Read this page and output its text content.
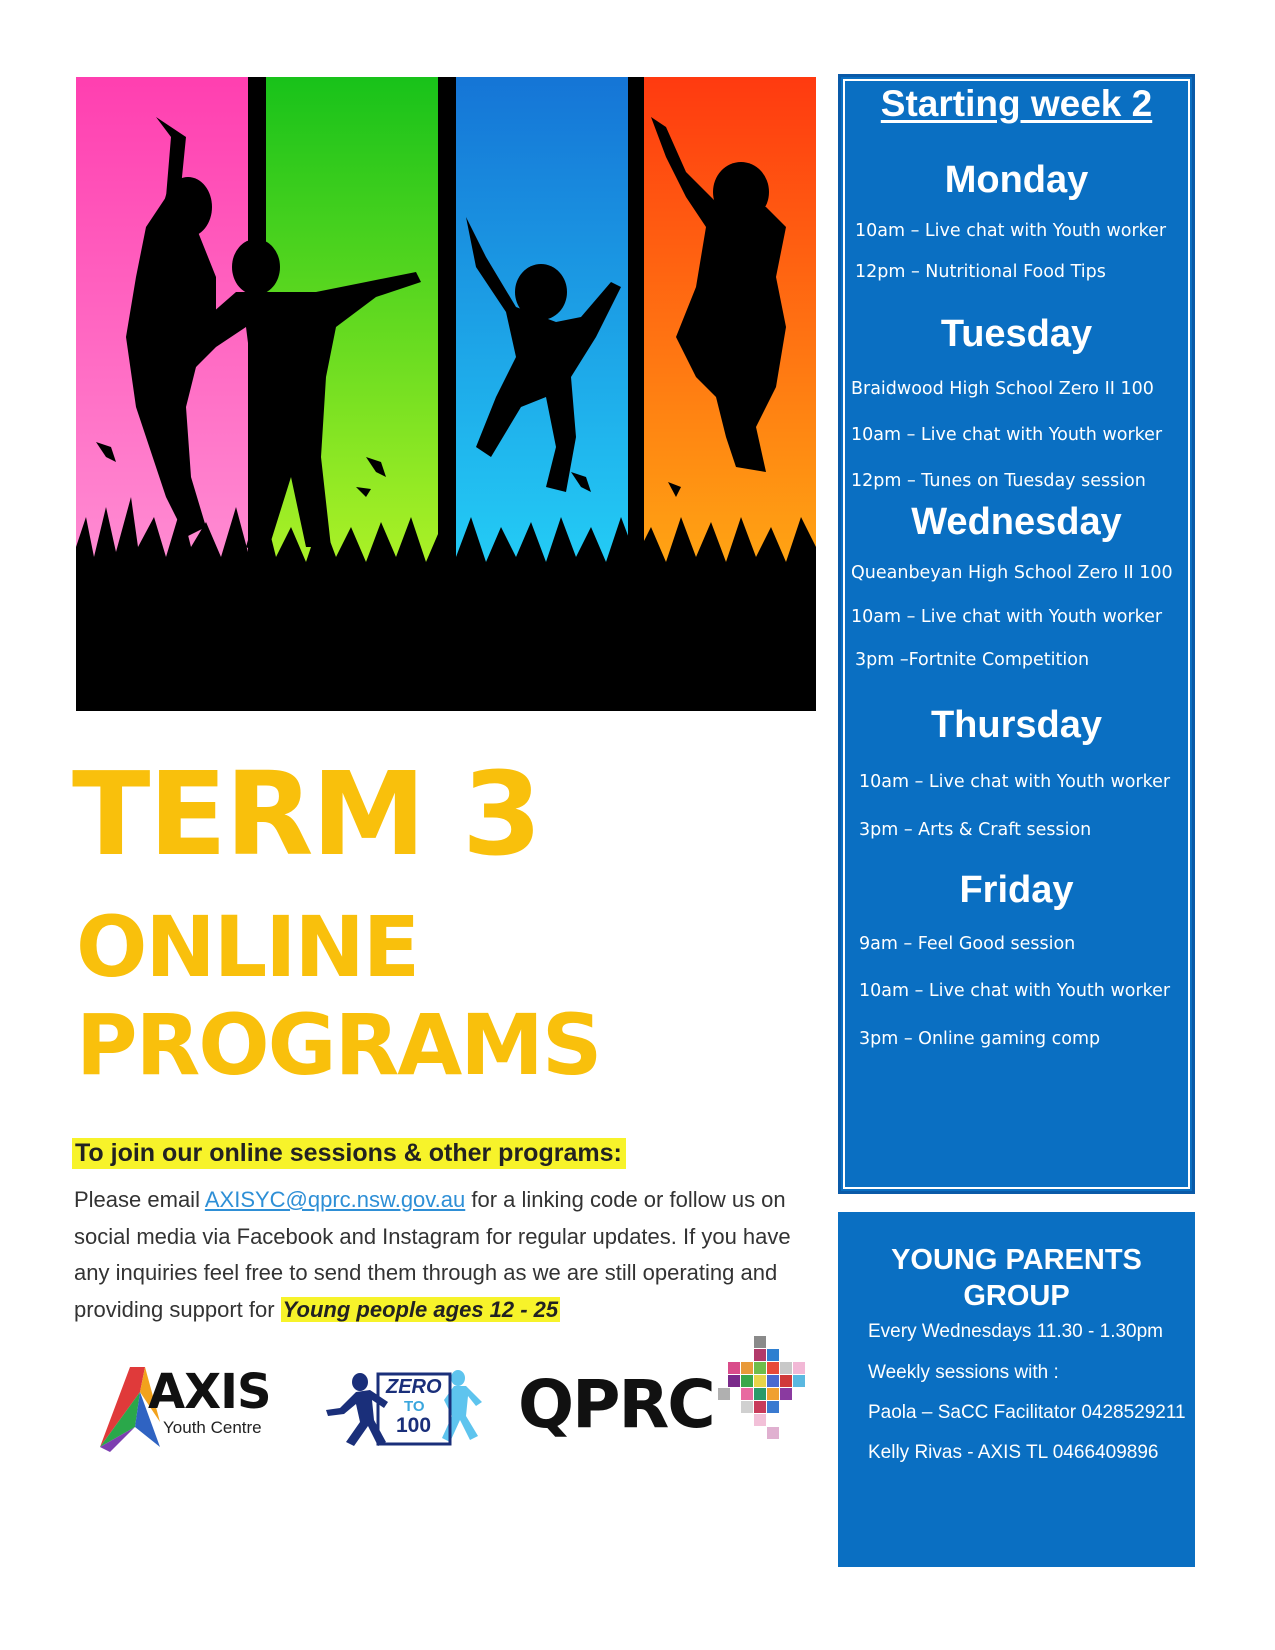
Starting week 2
Monday
10am – Live chat with Youth worker
12pm – Nutritional Food Tips
Tuesday
Braidwood High School Zero II 100
10am – Live chat with Youth worker
12pm – Tunes on Tuesday session
Wednesday
Queanbeyan High School Zero II 100
10am – Live chat with Youth worker
3pm –Fortnite Competition
Thursday
10am – Live chat with Youth worker
3pm – Arts & Craft session
Friday
9am – Feel Good session
10am – Live chat with Youth worker
3pm – Online gaming comp
TERM 3
ONLINE
PROGRAMS
To join our online sessions & other programs:
Please email AXISYC@qprc.nsw.gov.au for a linking code or follow us on social media via Facebook and Instagram for regular updates. If you have any inquiries feel free to send them through as we are still operating and providing support for Young people ages 12 - 25
AXIS
Youth Centre
ZERO
TO
100 QPRC
YOUNG PARENTS
GROUP
Every Wednesdays 11.30 - 1.30pm
Weekly sessions with :
Paola – SaCC Facilitator 0428529211
Kelly Rivas - AXIS TL 0466409896
